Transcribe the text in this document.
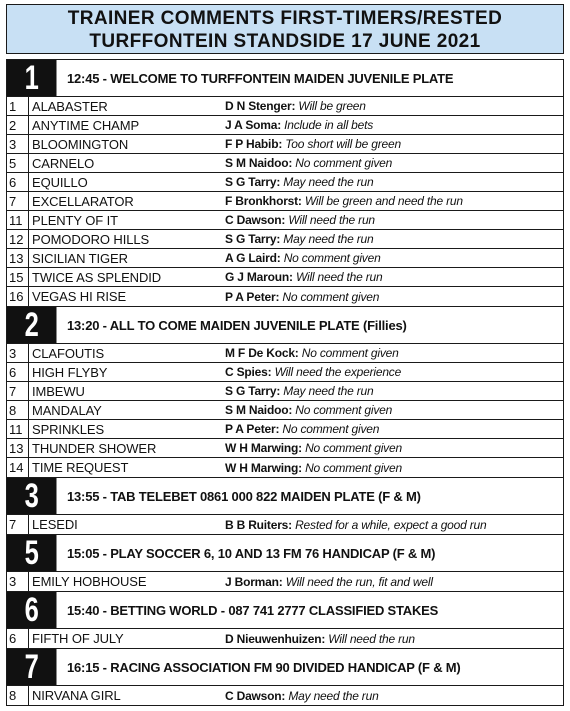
TRAINER COMMENTS FIRST-TIMERS/RESTED
TURFFONTEIN STANDSIDE 17 JUNE 2021
1	12:45 - WELCOME TO TURFFONTEIN MAIDEN JUVENILE PLATE
1	ALABASTER	D N Stenger: Will be green
2	ANYTIME CHAMP	J A Soma: Include in all bets
3	BLOOMINGTON	F P Habib: Too short will be green
5	CARNELO	S M Naidoo: No comment given
6	EQUILLO	S G Tarry: May need the run
7	EXCELLARATOR	F Bronkhorst: Will be green and need the run
11 PLENTY OF IT	C Dawson: Will need the run
12 POMODORO HILLS	S G Tarry: May need the run
13 SICILIAN TIGER	A G Laird: No comment given
15 TWICE AS SPLENDID	G J Maroun: Will need the run
16 VEGAS HI RISE	P A Peter: No comment given
2	13:20 - ALL TO COME MAIDEN JUVENILE PLATE (Fillies)
3	CLAFOUTIS	M F De Kock: No comment given
6	HIGH FLYBY	C Spies: Will need the experience
7	IMBEWU	S G Tarry: May need the run
8	MANDALAY	S M Naidoo: No comment given
11 SPRINKLES	P A Peter: No comment given
13 THUNDER SHOWER	W H Marwing: No comment given
14 TIME REQUEST	W H Marwing: No comment given
3	13:55 - TAB TELEBET 0861 000 822 MAIDEN PLATE (F & M)
7	LESEDI	B B Ruiters: Rested for a while, expect a good run
5	15:05 - PLAY SOCCER 6, 10 AND 13 FM 76 HANDICAP (F & M)
3	EMILY HOBHOUSE	J Borman: Will need the run, fit and well
6	15:40 - BETTING WORLD - 087 741 2777 CLASSIFIED STAKES
6	FIFTH OF JULY	D Nieuwenhuizen: Will need the run
7	16:15 - RACING ASSOCIATION FM 90 DIVIDED HANDICAP (F & M)
8	NIRVANA GIRL	C Dawson: May need the run
